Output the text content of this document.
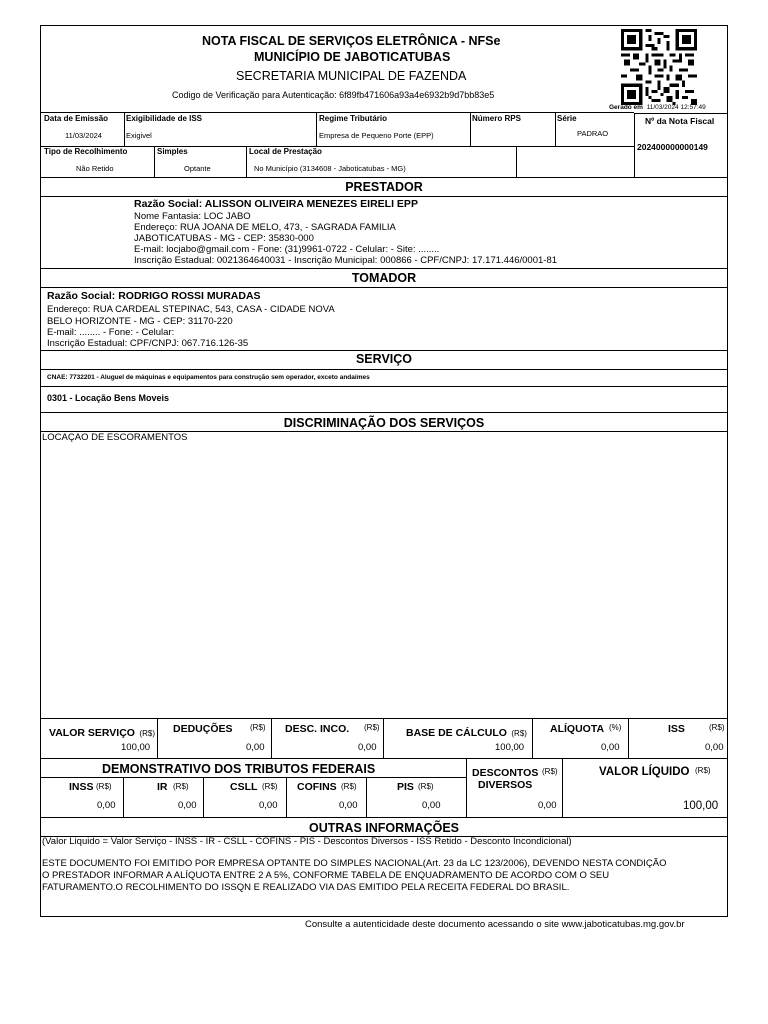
NOTA FISCAL DE SERVIÇOS ELETRÔNICA - NFSe
MUNICÍPIO DE JABOTICATUBAS
SECRETARIA MUNICIPAL DE FAZENDA
Codigo de Verificação para Autenticação: 6f89fb471606a93a4e6932b9d7bb83e5
Gerado em 11/03/2024 12:57:49
Data de Emissão
11/03/2024
Exigibilidade de ISS
Exigivel
Regime Tributário
Empresa de Pequeno Porte (EPP)
Número RPS	Série
PADRAO
Nº da Nota Fiscal
202400000000149
Tipo de Recolhimento
Não Retido
Simples
Optante
Local de Prestação
No Município (3134608 - Jaboticatubas - MG)
PRESTADOR
Razão Social: ALISSON OLIVEIRA MENEZES EIRELI EPP
Nome Fantasia: LOC JABO
Endereço: RUA JOANA DE MELO, 473, - SAGRADA FAMILIA
JABOTICATUBAS - MG - CEP: 35830-000
E-mail: locjabo@gmail.com - Fone: (31)9961-0722 - Celular: - Site: ........
Inscrição Estadual: 0021364640031 - Inscrição Municipal: 000866 - CPF/CNPJ: 17.171.446/0001-81
TOMADOR
Razão Social: RODRIGO ROSSI MURADAS
Endereço: RUA CARDEAL STEPINAC, 543, CASA - CIDADE NOVA
BELO HORIZONTE - MG - CEP: 31170-220
E-mail: ........ - Fone: - Celular:
Inscrição Estadual: CPF/CNPJ: 067.716.126-35
SERVIÇO
CNAE: 7732201 - Aluguel de máquinas e equipamentos para construção sem operador, exceto andaimes
0301 - Locação Bens Moveis
DISCRIMINAÇÃO DOS SERVIÇOS
LOCAÇAO DE ESCORAMENTOS
VALOR SERVIÇO (R$)
100,00
DEDUÇÕES (R$)
0,00
DESC. INCO. (R$)
0,00
BASE DE CÁLCULO (R$)
100,00
ALÍQUOTA (%)
0,00
ISS	(R$)
0,00
DEMONSTRATIVO DOS TRIBUTOS FEDERAIS
INSS (R$)
0,00
IR (R$)
0,00
CSLL (R$)
0,00
COFINS (R$)
0,00
PIS (R$)
0,00
DESCONTOS (R$)
DIVERSOS
0,00
VALOR LÍQUIDO (R$)
100,00
OUTRAS INFORMAÇÕES
(Valor Liquido = Valor Serviço - INSS - IR - CSLL - COFINS - PIS - Descontos Diversos - ISS Retido - Desconto Incondicional)
ESTE DOCUMENTO FOI EMITIDO POR EMPRESA OPTANTE DO SIMPLES NACIONAL(Art. 23 da LC 123/2006), DEVENDO NESTA CONDIÇÃO
O PRESTADOR INFORMAR A ALÍQUOTA ENTRE 2 A 5%, CONFORME TABELA DE ENQUADRAMENTO DE ACORDO COM O SEU
FATURAMENTO.O RECOLHIMENTO DO ISSQN E REALIZADO VIA DAS EMITIDO PELA RECEITA FEDERAL DO BRASIL.
Consulte a autenticidade deste documento acessando o site www.jaboticatubas.mg.gov.br
